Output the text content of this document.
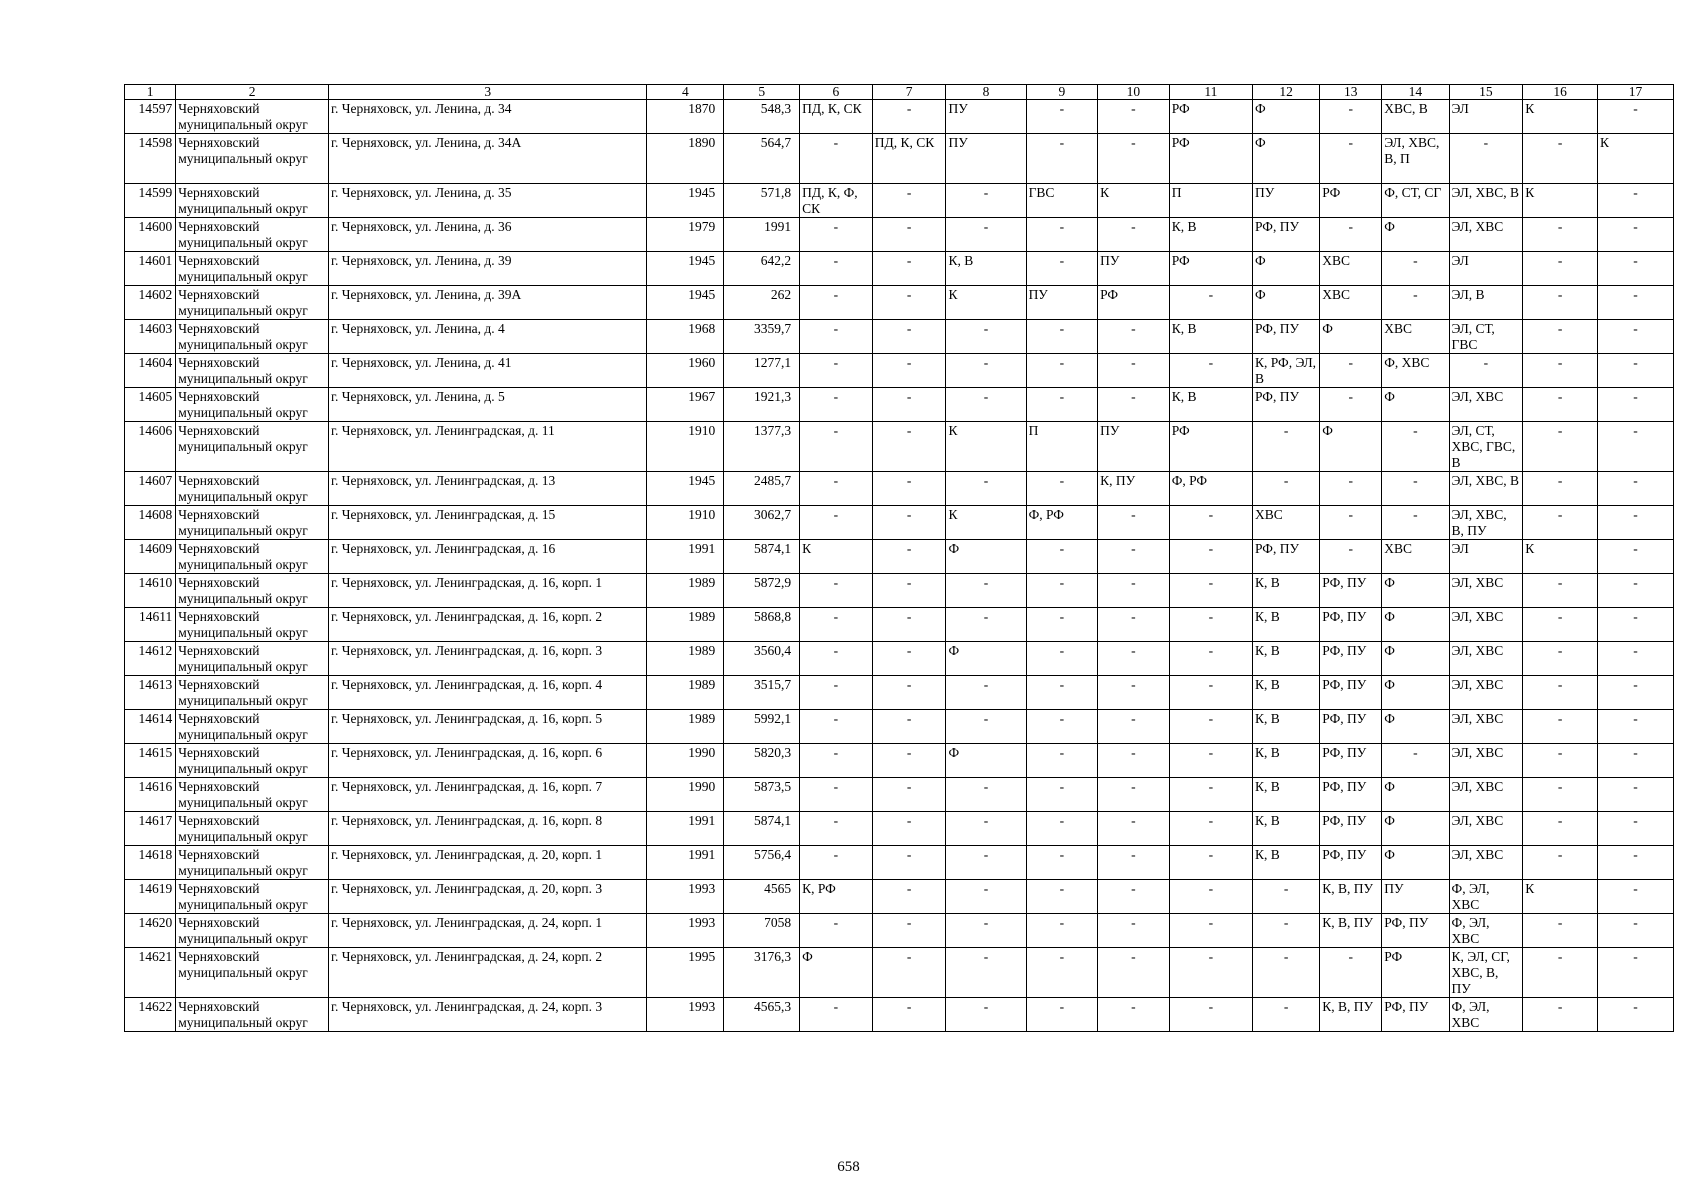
1	2	3	4	5	6	7	8	9	10	11	12	13	14	15	16	17
14597	Черняховский муниципальный округ	г. Черняховск, ул. Ленина, д. 34	1870	548,3	ПД, К, СК	-	ПУ	-	-	РФ	Ф	-	ХВС, В	ЭЛ	К	-
14598	Черняховский муниципальный округ	г. Черняховск, ул. Ленина, д. 34А	1890	564,7	-	ПД, К, СК	ПУ	-	-	РФ	Ф	-	ЭЛ, ХВС, В, П	-	-	К
14599	Черняховский муниципальный округ	г. Черняховск, ул. Ленина, д. 35	1945	571,8	ПД, К, Ф, СК	-	-	ГВС	К	П	ПУ	РФ	Ф, СТ, СГ	ЭЛ, ХВС, В	К	-
14600	Черняховский муниципальный округ	г. Черняховск, ул. Ленина, д. 36	1979	1991	-	-	-	-	-	К, В	РФ, ПУ	-	Ф	ЭЛ, ХВС	-	-
14601	Черняховский муниципальный округ	г. Черняховск, ул. Ленина, д. 39	1945	642,2	-	-	К, В	-	ПУ	РФ	Ф	ХВС	-	ЭЛ	-	-
14602	Черняховский муниципальный округ	г. Черняховск, ул. Ленина, д. 39А	1945	262	-	-	К	ПУ	РФ	-	Ф	ХВС	-	ЭЛ, В	-	-
14603	Черняховский муниципальный округ	г. Черняховск, ул. Ленина, д. 4	1968	3359,7	-	-	-	-	-	К, В	РФ, ПУ	Ф	ХВС	ЭЛ, СТ, ГВС	-	-
14604	Черняховский муниципальный округ	г. Черняховск, ул. Ленина, д. 41	1960	1277,1	-	-	-	-	-	-	К, РФ, ЭЛ, В	-	Ф, ХВС	-	-	-
14605	Черняховский муниципальный округ	г. Черняховск, ул. Ленина, д. 5	1967	1921,3	-	-	-	-	-	К, В	РФ, ПУ	-	Ф	ЭЛ, ХВС	-	-
14606	Черняховский муниципальный округ	г. Черняховск, ул. Ленинградская, д. 11	1910	1377,3	-	-	К	П	ПУ	РФ	-	Ф	-	ЭЛ, СТ, ХВС, ГВС, В	-	-
14607	Черняховский муниципальный округ	г. Черняховск, ул. Ленинградская, д. 13	1945	2485,7	-	-	-	-	К, ПУ	Ф, РФ	-	-	-	ЭЛ, ХВС, В	-	-
14608	Черняховский муниципальный округ	г. Черняховск, ул. Ленинградская, д. 15	1910	3062,7	-	-	К	Ф, РФ	-	-	ХВС	-	-	ЭЛ, ХВС, В, ПУ	-	-
14609	Черняховский муниципальный округ	г. Черняховск, ул. Ленинградская, д. 16	1991	5874,1	К	-	Ф	-	-	-	РФ, ПУ	-	ХВС	ЭЛ	К	-
14610	Черняховский муниципальный округ	г. Черняховск, ул. Ленинградская, д. 16, корп. 1	1989	5872,9	-	-	-	-	-	-	К, В	РФ, ПУ	Ф	ЭЛ, ХВС	-	-
14611	Черняховский муниципальный округ	г. Черняховск, ул. Ленинградская, д. 16, корп. 2	1989	5868,8	-	-	-	-	-	-	К, В	РФ, ПУ	Ф	ЭЛ, ХВС	-	-
14612	Черняховский муниципальный округ	г. Черняховск, ул. Ленинградская, д. 16, корп. 3	1989	3560,4	-	-	Ф	-	-	-	К, В	РФ, ПУ	Ф	ЭЛ, ХВС	-	-
14613	Черняховский муниципальный округ	г. Черняховск, ул. Ленинградская, д. 16, корп. 4	1989	3515,7	-	-	-	-	-	-	К, В	РФ, ПУ	Ф	ЭЛ, ХВС	-	-
14614	Черняховский муниципальный округ	г. Черняховск, ул. Ленинградская, д. 16, корп. 5	1989	5992,1	-	-	-	-	-	-	К, В	РФ, ПУ	Ф	ЭЛ, ХВС	-	-
14615	Черняховский муниципальный округ	г. Черняховск, ул. Ленинградская, д. 16, корп. 6	1990	5820,3	-	-	Ф	-	-	-	К, В	РФ, ПУ	-	ЭЛ, ХВС	-	-
14616	Черняховский муниципальный округ	г. Черняховск, ул. Ленинградская, д. 16, корп. 7	1990	5873,5	-	-	-	-	-	-	К, В	РФ, ПУ	Ф	ЭЛ, ХВС	-	-
14617	Черняховский муниципальный округ	г. Черняховск, ул. Ленинградская, д. 16, корп. 8	1991	5874,1	-	-	-	-	-	-	К, В	РФ, ПУ	Ф	ЭЛ, ХВС	-	-
14618	Черняховский муниципальный округ	г. Черняховск, ул. Ленинградская, д. 20, корп. 1	1991	5756,4	-	-	-	-	-	-	К, В	РФ, ПУ	Ф	ЭЛ, ХВС	-	-
14619	Черняховский муниципальный округ	г. Черняховск, ул. Ленинградская, д. 20, корп. 3	1993	4565	К, РФ	-	-	-	-	-	-	К, В, ПУ	ПУ	Ф, ЭЛ, ХВС	К	-
14620	Черняховский муниципальный округ	г. Черняховск, ул. Ленинградская, д. 24, корп. 1	1993	7058	-	-	-	-	-	-	-	К, В, ПУ	РФ, ПУ	Ф, ЭЛ, ХВС	-	-
14621	Черняховский муниципальный округ	г. Черняховск, ул. Ленинградская, д. 24, корп. 2	1995	3176,3	Ф	-	-	-	-	-	-	-	РФ	К, ЭЛ, СГ, ХВС, В, ПУ	-	-
14622	Черняховский муниципальный округ	г. Черняховск, ул. Ленинградская, д. 24, корп. 3	1993	4565,3	-	-	-	-	-	-	-	К, В, ПУ	РФ, ПУ	Ф, ЭЛ, ХВС	-	-
658
